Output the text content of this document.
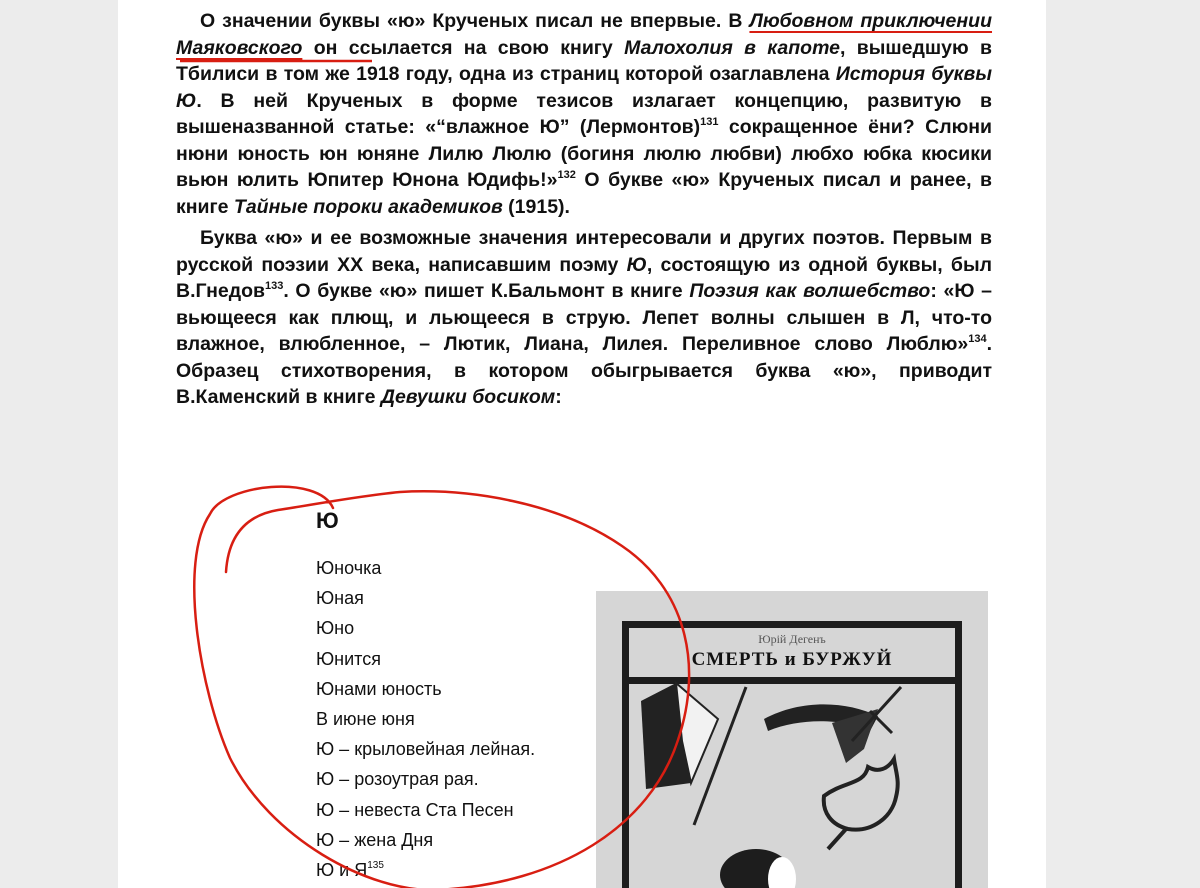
О значении буквы «ю» Крученых писал не впервые. В Любовном приключении Маяковского он ссылается на свою книгу Малохолия в капоте, вышедшую в Тбилиси в том же 1918 году, одна из страниц которой озаглавлена История буквы Ю. В ней Крученых в форме тезисов излагает концепцию, развитую в вышеназванной статье: «“влажное Ю” (Лермонтов)$^{131}$ сокращенное ёни? Слюни нюни юность юн юняне Лилю Люлю (богиня люлю любви) любхо юбка кюсики вьюн юлить Юпитер Юнона Юдифь!»$^{132}$ О букве «ю» Крученых писал и ранее, в книге Тайные пороки академиков (1915).

Буква «ю» и ее возможные значения интересовали и других поэтов. Первым в русской поэзии XX века, написавшим поэму Ю, состоящую из одной буквы, был В.Гнедов$^{133}$. О букве «ю» пишет К.Бальмонт в книге Поэзия как волшебство: «Ю – вьющееся как плющ, и льющееся в струю. Лепет волны слышен в Л, что-то влажное, влюбленное, – Лютик, Лиана, Лилея. Переливное слово Люблю»$^{134}$. Образец стихотворения, в котором обыгрывается буква «ю», приводит В.Каменский в книге Девушки босиком:

Ю
Юночка
Юная
Юно
Юнится
Юнами юность
В июне юня
Ю – крыловейная лейная.
Ю – розоутрая рая.
Ю – невеста Ста Песен
Ю – жена Дня
Ю и $Я^{135}$
Юрій Дегенъ
СМЕРТЬ и БУРЖУЙ
